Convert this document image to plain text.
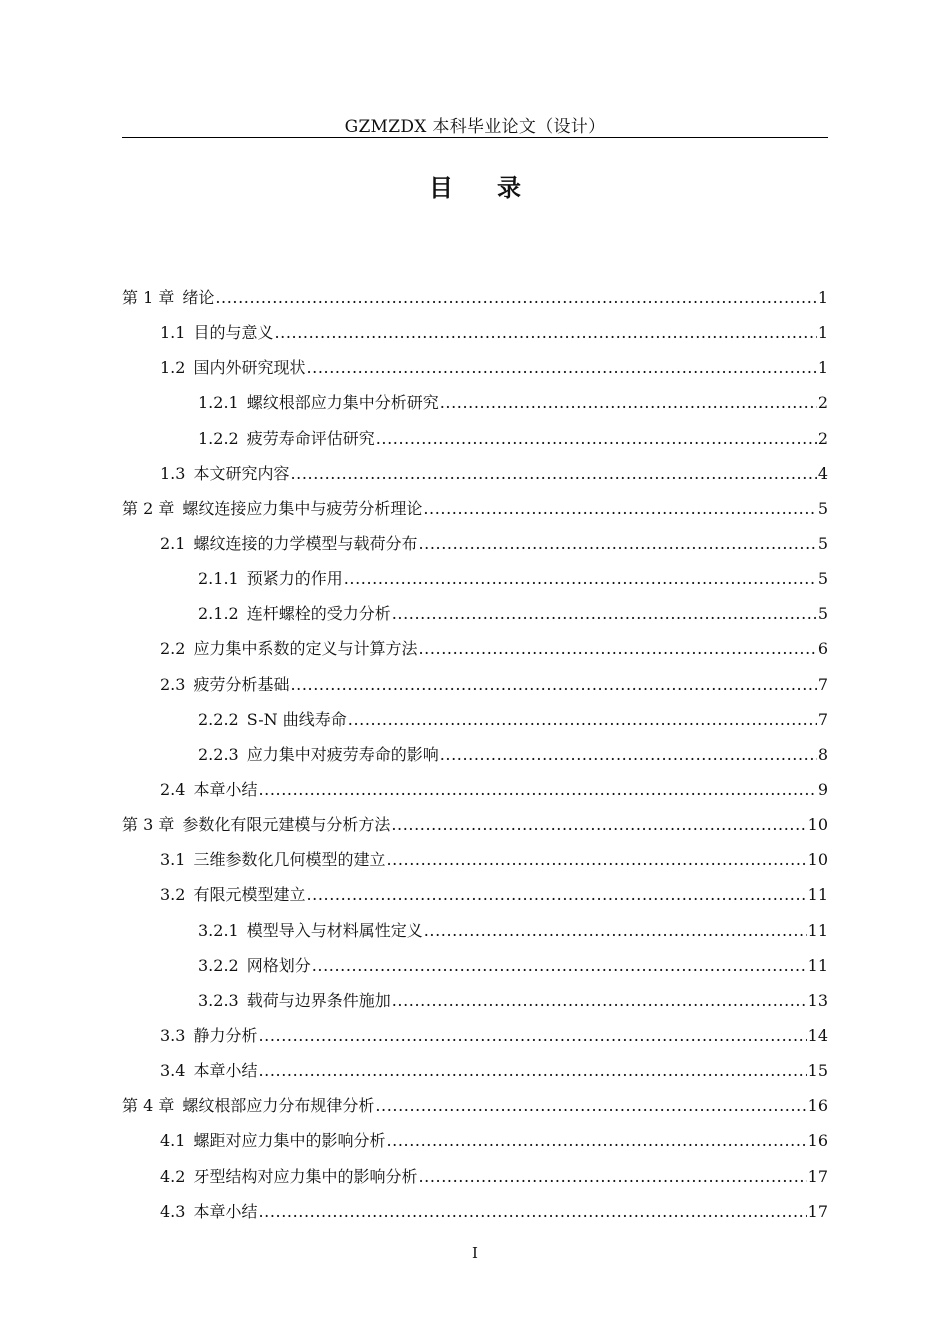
GZMZDX 本科毕业论文（设计）
目录
第 1 章 绪论 .....	1
1.1 目的与意义 .....	1
1.2 国内外研究现状 .....	1
1.2.1 螺纹根部应力集中分析研究 .....	2
1.2.2 疲劳寿命评估研究 .....	2
1.3 本文研究内容 .....	4
第 2 章 螺纹连接应力集中与疲劳分析理论 .....	5
2.1 螺纹连接的力学模型与载荷分布 .....	5
2.1.1 预紧力的作用 .....	5
2.1.2 连杆螺栓的受力分析 .....	5
2.2 应力集中系数的定义与计算方法 .....	6
2.3 疲劳分析基础 .....	7
2.2.2 S-N 曲线寿命 .....	7
2.2.3 应力集中对疲劳寿命的影响 .....	8
2.4 本章小结 .....	9
第 3 章 参数化有限元建模与分析方法 .....	10
3.1 三维参数化几何模型的建立 .....	10
3.2 有限元模型建立 .....	11
3.2.1 模型导入与材料属性定义 .....	11
3.2.2 网格划分 .....	11
3.2.3 载荷与边界条件施加 .....	13
3.3 静力分析 .....	14
3.4 本章小结 .....	15
第 4 章 螺纹根部应力分布规律分析 .....	16
4.1 螺距对应力集中的影响分析 .....	16
4.2 牙型结构对应力集中的影响分析 .....	17
4.3 本章小结 .....	17
I
